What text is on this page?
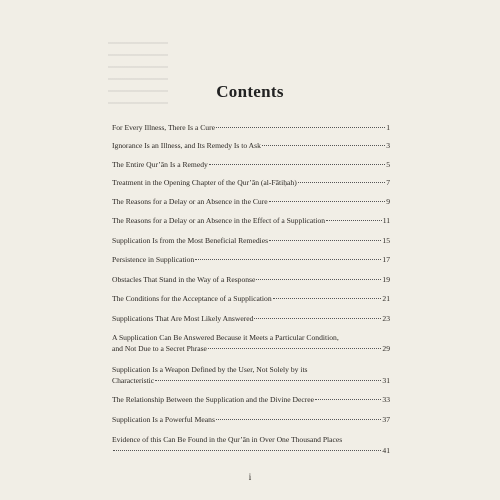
Contents
For Every Illness, There Is a Cure	1
Ignorance Is an Illness, and Its Remedy Is to Ask	3
The Entire Qur’ān Is a Remedy	5
Treatment in the Opening Chapter of the Qur’ān (al-Fātiḥah)	7
The Reasons for a Delay or an Absence in the Cure	9
The Reasons for a Delay or an Absence in the Effect of a Supplication	11
Supplication Is from the Most Beneficial Remedies	15
Persistence in Supplication	17
Obstacles That Stand in the Way of a Response	19
The Conditions for the Acceptance of a Supplication	21
Supplications That Are Most Likely Answered	23
A Supplication Can Be Answered Because it Meets a Particular Condition,
and Not Due to a Secret Phrase	29
Supplication Is a Weapon Defined by the User, Not Solely by its
Characteristic	31
The Relationship Between the Supplication and the Divine Decree	33
Supplication Is a Powerful Means	37
Evidence of this Can Be Found in the Qur’ān in Over One Thousand Places
41
i
